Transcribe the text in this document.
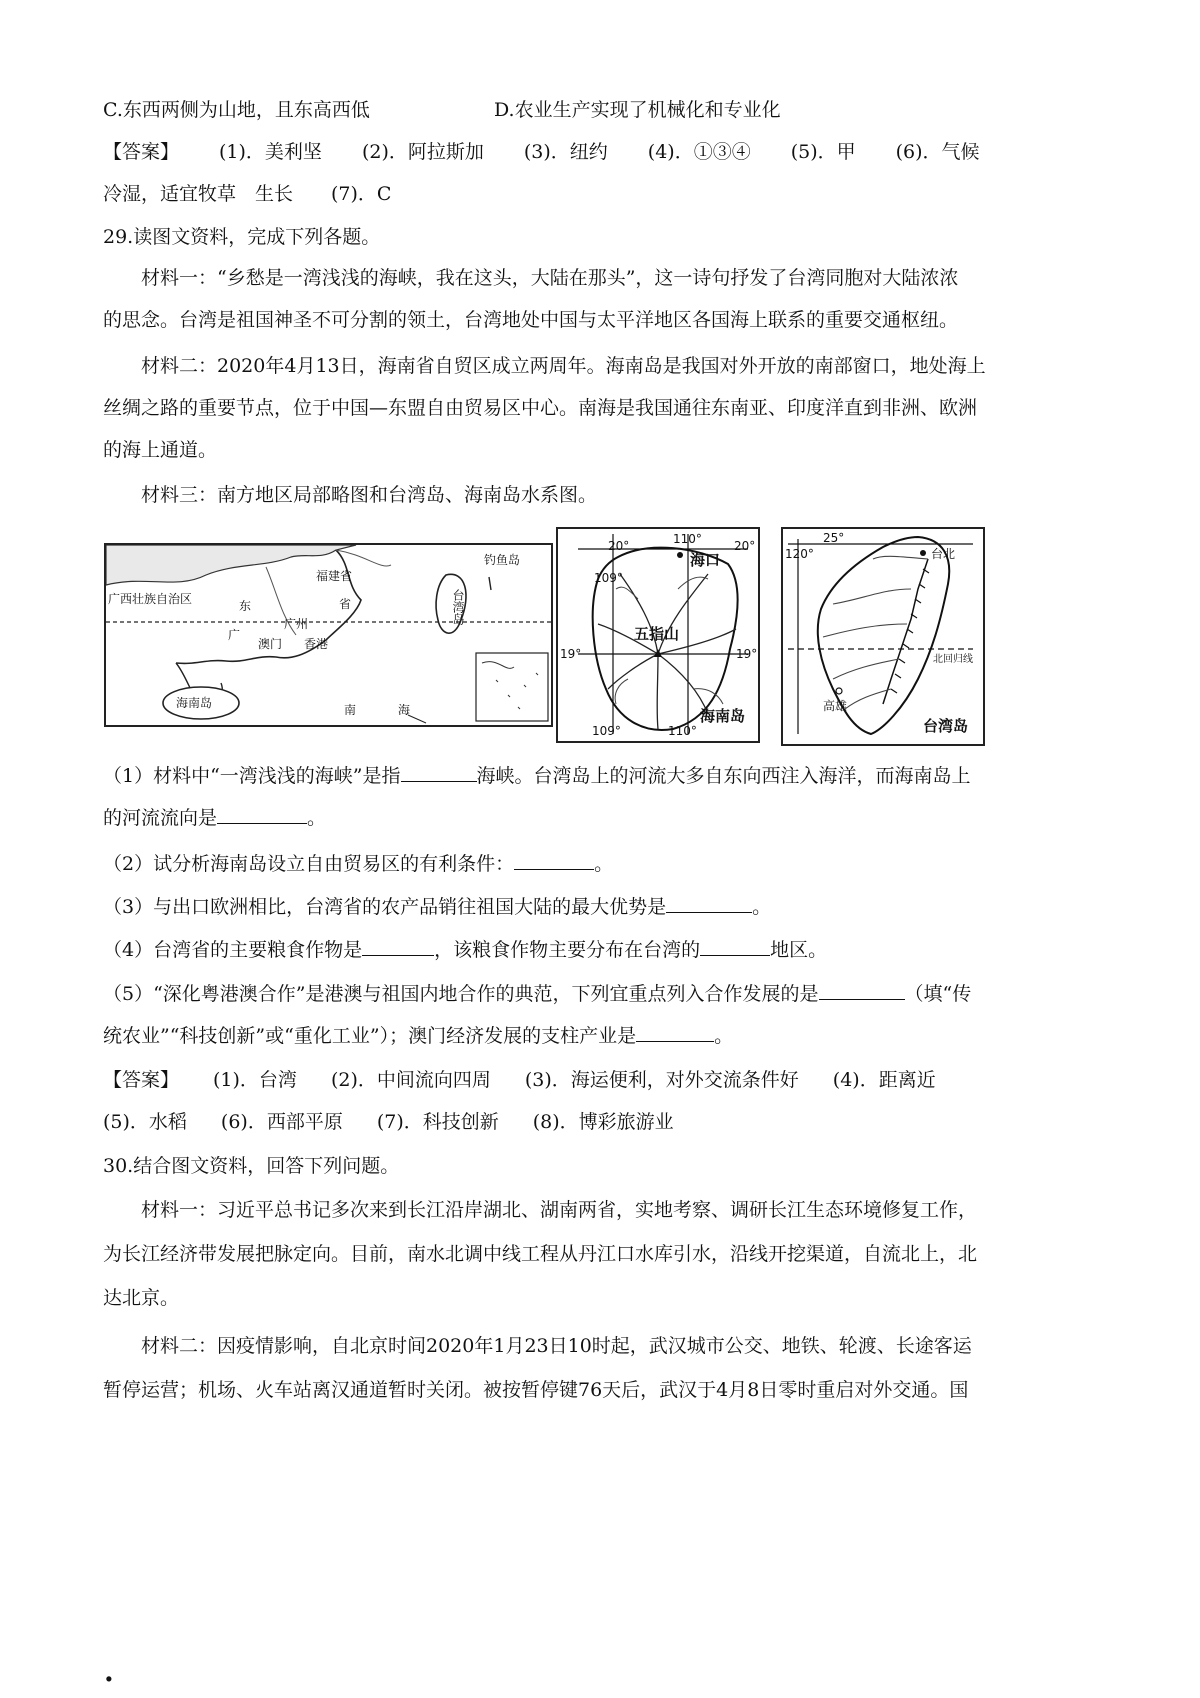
C.东西两侧为山地，且东高西低	D.农业生产实现了机械化和专业化
【答案】 (1)．美利坚 (2)．阿拉斯加 (3)．纽约 (4)．①③④ (5)．甲 (6)．气候
冷湿，适宜牧草　生长 (7)．C
29.读图文资料，完成下列各题。
材料一：“乡愁是一湾浅浅的海峡，我在这头，大陆在那头”，这一诗句抒发了台湾同胞对大陆浓浓
的思念。台湾是祖国神圣不可分割的领土，台湾地处中国与太平洋地区各国海上联系的重要交通枢纽。
材料二：2020年4月13日，海南省自贸区成立两周年。海南岛是我国对外开放的南部窗口，地处海上
丝绸之路的重要节点，位于中国—东盟自由贸易区中心。南海是我国通往东南亚、印度洋直到非洲、欧洲
的海上通道。
材料三：南方地区局部略图和台湾岛、海南岛水系图。
福建省
钓鱼岛
广西壮族自治区	东	省
广州
香港
澳门
广
台湾岛
海南岛	南	海
20°	110°	20°
海口
109°
五指山
19°	19°
109°	110°
海南岛
25°
120°	台北
北回归线
高雄
台湾岛
（1）材料中“一湾浅浅的海峡”是指	海峡。台湾岛上的河流大多自东向西注入海洋，而海南岛上
的河流流向是	。
（2）试分析海南岛设立自由贸易区的有利条件：	。
（3）与出口欧洲相比，台湾省的农产品销往祖国大陆的最大优势是	。
（4）台湾省的主要粮食作物是	，该粮食作物主要分布在台湾的	地区。
（5）“深化粤港澳合作”是港澳与祖国内地合作的典范，下列宜重点列入合作发展的是	（填“传
统农业”“科技创新”或“重化工业”）；澳门经济发展的支柱产业是	。
【答案】 (1)．台湾 (2)．中间流向四周 (3)．海运便利，对外交流条件好 (4)．距离近
(5)．水稻 (6)．西部平原 (7)．科技创新 (8)．博彩旅游业
30.结合图文资料，回答下列问题。
材料一：习近平总书记多次来到长江沿岸湖北、湖南两省，实地考察、调研长江生态环境修复工作，
为长江经济带发展把脉定向。目前，南水北调中线工程从丹江口水库引水，沿线开挖渠道，自流北上，北
达北京。
材料二：因疫情影响，自北京时间2020年1月23日10时起，武汉城市公交、地铁、轮渡、长途客运
暂停运营；机场、火车站离汉通道暂时关闭。被按暂停键76天后，武汉于4月8日零时重启对外交通。国
.
